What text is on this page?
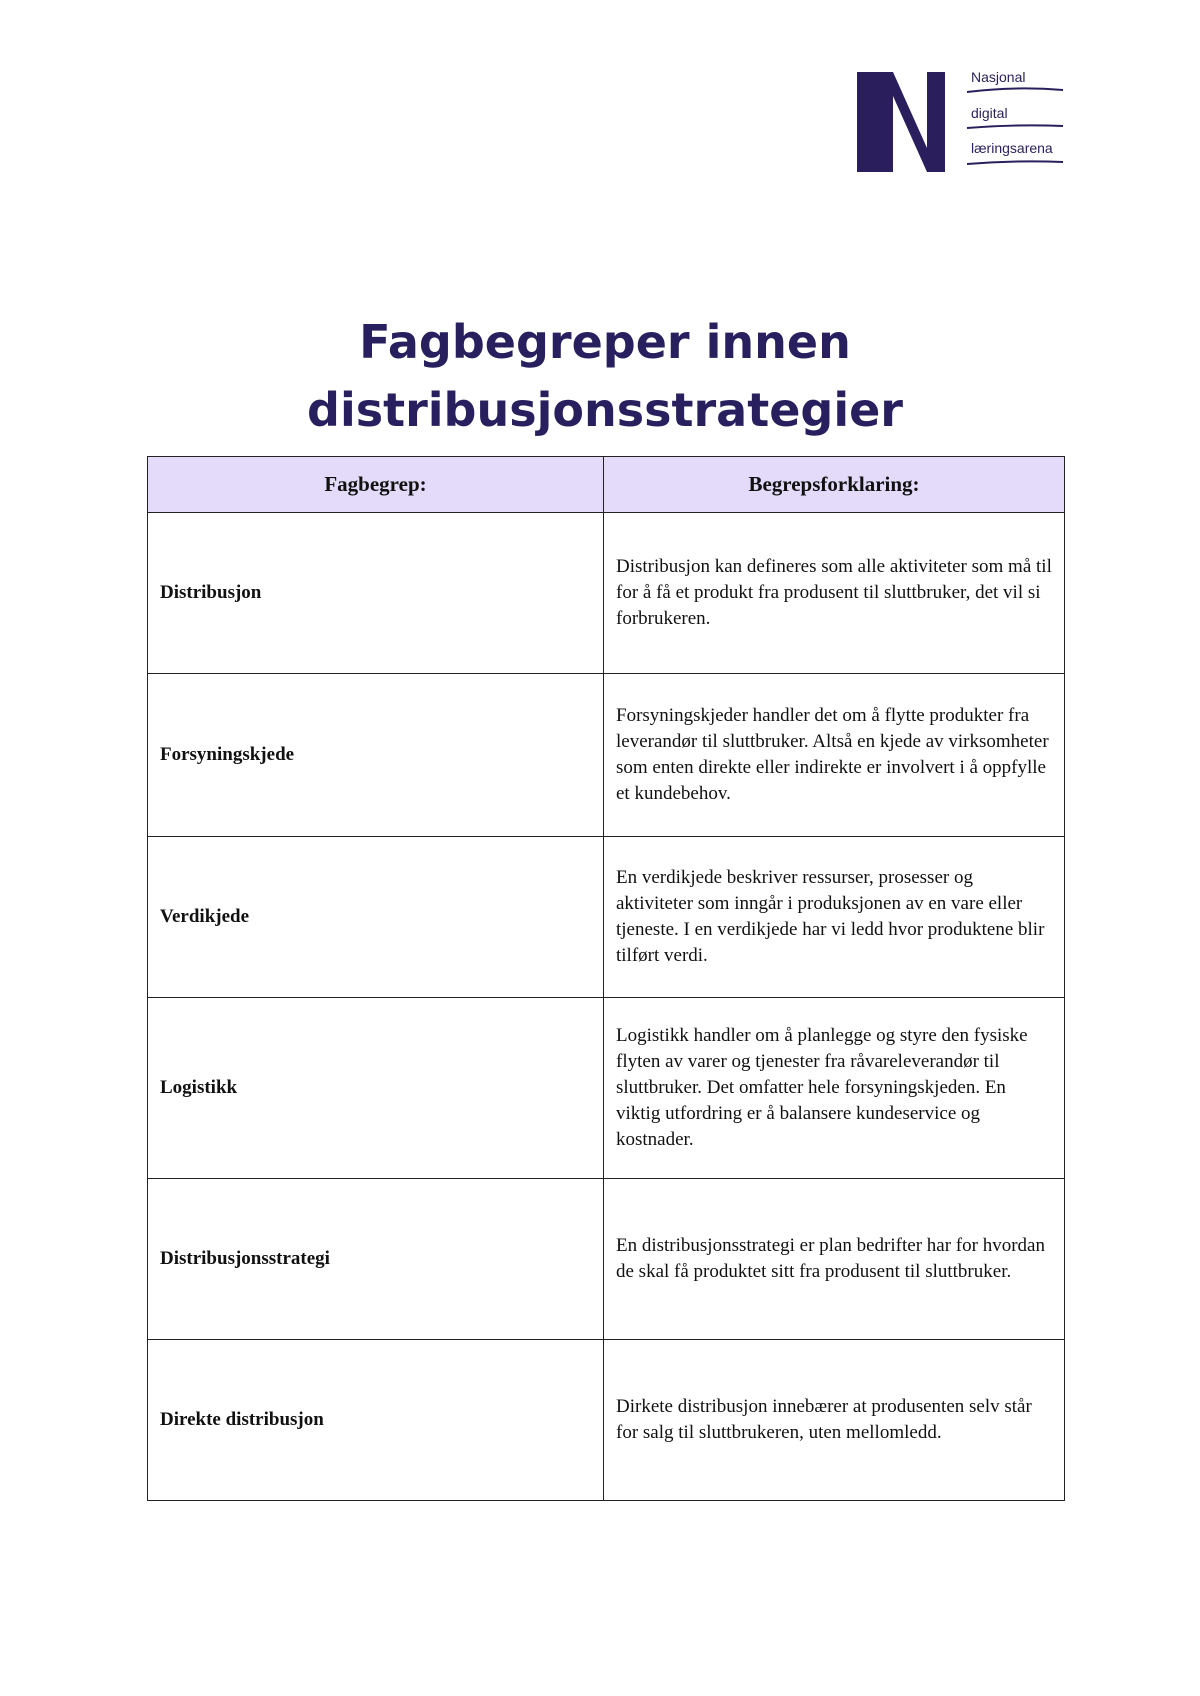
Nasjonal
digital
læringsarena
Fagbegreper innen
distribusjonsstrategier
Fagbegrep:	Begrepsforklaring:
Distribusjon	Distribusjon kan defineres som alle aktiviteter som må til for å få et produkt fra produsent til sluttbruker, det vil si forbrukeren.
Forsyningskjede	Forsyningskjeder handler det om å flytte produkter fra leverandør til sluttbruker. Altså en kjede av virksomheter som enten direkte eller indirekte er involvert i å oppfylle et kundebehov.
Verdikjede	En verdikjede beskriver ressurser, prosesser og aktiviteter som inngår i produksjonen av en vare eller tjeneste. I en verdikjede har vi ledd hvor produktene blir tilført verdi.
Logistikk	Logistikk handler om å planlegge og styre den fysiske flyten av varer og tjenester fra råvareleverandør til sluttbruker. Det omfatter hele forsyningskjeden. En viktig utfordring er å balansere kundeservice og kostnader.
Distribusjonsstrategi	En distribusjonsstrategi er plan bedrifter har for hvordan de skal få produktet sitt fra produsent til sluttbruker.
Direkte distribusjon	Dirkete distribusjon innebærer at produsenten selv står for salg til sluttbrukeren, uten mellomledd.
